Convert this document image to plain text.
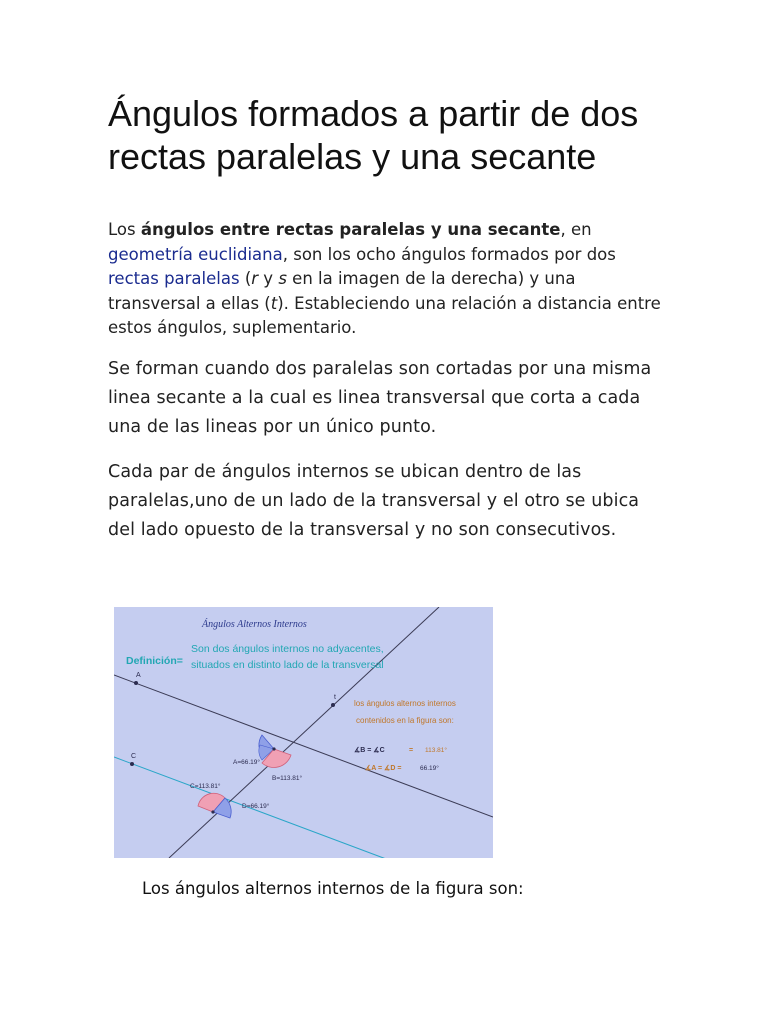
Ángulos formados a partir de dos rectas paralelas y una secante

Los ángulos entre rectas paralelas y una secante, en geometría euclidiana, son los ocho ángulos formados por dos rectas paralelas (r y s en la imagen de la derecha) y una transversal a ellas (t). Estableciendo una relación a distancia entre estos ángulos, suplementario.

Se forman cuando dos paralelas son cortadas por una misma linea secante a la cual es linea transversal que corta a cada una de las lineas por un único punto.

Cada par de ángulos internos se ubican dentro de las paralelas,uno de un lado de la transversal y el otro se ubica del lado opuesto de la transversal y no son consecutivos.

Ángulos Alternos Internos
Definición=
Son dos ángulos internos no adyacentes,
situados en distinto lado de la transversal
A
C
t
los ángulos alternos internos
contenidos en la figura son:
∡B = ∡C	= 113.81°
∡A = ∡D =	66.19°
A=66.19°
B=113.81°
C=113.81°
D=66.19°
Los ángulos alternos internos de la figura son:
